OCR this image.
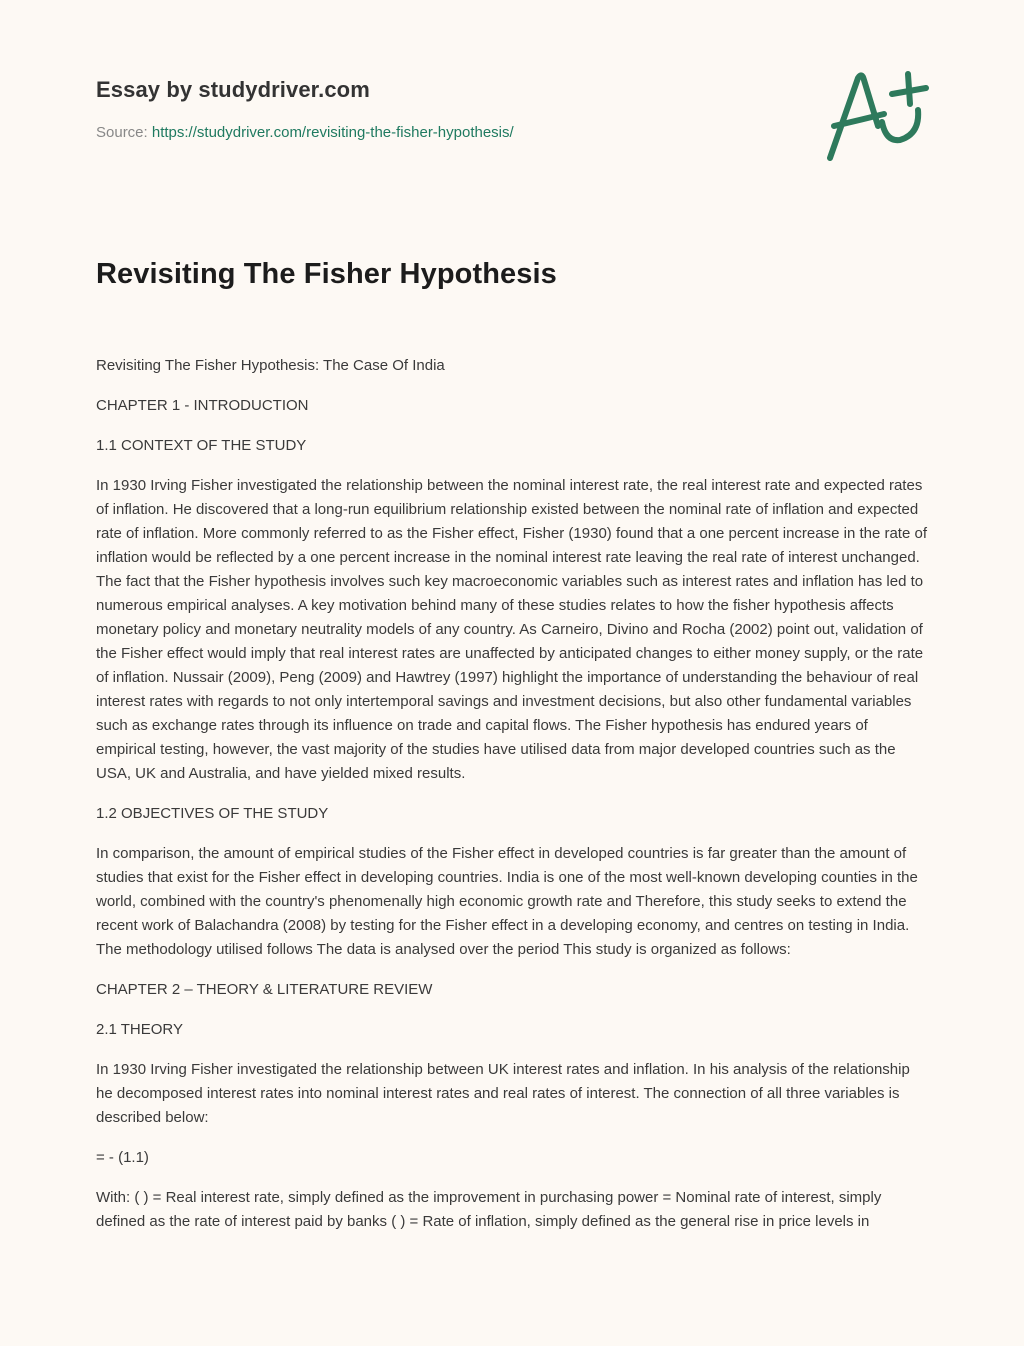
Essay by studydriver.com
Source: https://studydriver.com/revisiting-the-fisher-hypothesis/
Revisiting The Fisher Hypothesis

Revisiting The Fisher Hypothesis: The Case Of India

CHAPTER 1 - INTRODUCTION

1.1 CONTEXT OF THE STUDY

In 1930 Irving Fisher investigated the relationship between the nominal interest rate, the real interest rate and expected rates of inflation. He discovered that a long-run equilibrium relationship existed between the nominal rate of inflation and expected rate of inflation. More commonly referred to as the Fisher effect, Fisher (1930) found that a one percent increase in the rate of inflation would be reflected by a one percent increase in the nominal interest rate leaving the real rate of interest unchanged. The fact that the Fisher hypothesis involves such key macroeconomic variables such as interest rates and inflation has led to numerous empirical analyses. A key motivation behind many of these studies relates to how the fisher hypothesis affects monetary policy and monetary neutrality models of any country. As Carneiro, Divino and Rocha (2002) point out, validation of the Fisher effect would imply that real interest rates are unaffected by anticipated changes to either money supply, or the rate of inflation. Nussair (2009), Peng (2009) and Hawtrey (1997) highlight the importance of understanding the behaviour of real interest rates with regards to not only intertemporal savings and investment decisions, but also other fundamental variables such as exchange rates through its influence on trade and capital flows. The Fisher hypothesis has endured years of empirical testing, however, the vast majority of the studies have utilised data from major developed countries such as the USA, UK and Australia, and have yielded mixed results.

1.2 OBJECTIVES OF THE STUDY

In comparison, the amount of empirical studies of the Fisher effect in developed countries is far greater than the amount of studies that exist for the Fisher effect in developing countries. India is one of the most well-known developing counties in the world, combined with the country's phenomenally high economic growth rate and Therefore, this study seeks to extend the recent work of Balachandra (2008) by testing for the Fisher effect in a developing economy, and centres on testing in India. The methodology utilised follows The data is analysed over the period This study is organized as follows:

CHAPTER 2 – THEORY & LITERATURE REVIEW

2.1 THEORY

In 1930 Irving Fisher investigated the relationship between UK interest rates and inflation. In his analysis of the relationship he decomposed interest rates into nominal interest rates and real rates of interest. The connection of all three variables is described below:

= - (1.1)

With: ( ) = Real interest rate, simply defined as the improvement in purchasing power = Nominal rate of interest, simply defined as the rate of interest paid by banks ( ) = Rate of inflation, simply defined as the general rise in price levels in
